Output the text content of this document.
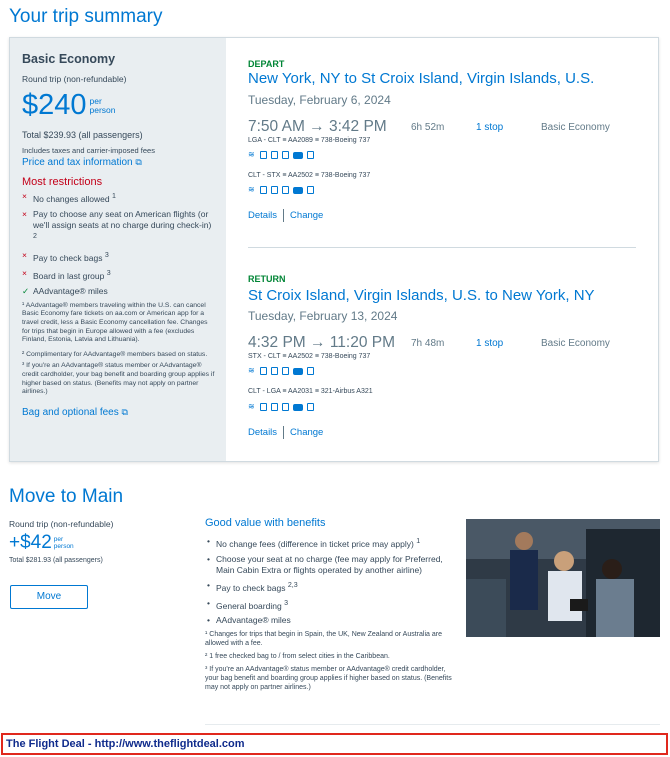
Your trip summary
Basic Economy
Round trip (non-refundable)
$240 per
person
Total $239.93 (all passengers)
Includes taxes and carrier-imposed fees
Price and tax information ⧉
Most restrictions
× No changes allowed $^1$
× Pay to choose any seat on American flights (or we'll assign seats at no charge during check-in) $^2$
× Pay to check bags $^3$
× Board in last group $^3$
✓ AAdvantage® miles
¹ AAdvantage® members traveling within the U.S. can cancel Basic Economy fare tickets on aa.com or American app for a travel credit, less a Basic Economy cancellation fee. Changes for trips that begin in Europe allowed with a fee (excludes Finland, Estonia, Latvia and Lithuania).
² Complimentary for AAdvantage® members based on status.
³ If you're an AAdvantage® status member or AAdvantage® credit cardholder, your bag benefit and boarding group applies if higher based on status. (Benefits may not apply on partner airlines.)
Bag and optional fees ⧉
DEPART
New York, NY to St Croix Island, Virgin Islands, U.S.
Tuesday, February 6, 2024
7:50 AM → 3:42 PM 6h 52m	1 stop	Basic Economy
LGA - CLT ≡ AA2089 ≡ 738-Boeing 737
≋
CLT - STX ≡ AA2502 ≡ 738-Boeing 737
≋
Details Change
RETURN
St Croix Island, Virgin Islands, U.S. to New York, NY
Tuesday, February 13, 2024
4:32 PM → 11:20 PM 7h 48m	1 stop	Basic Economy
STX - CLT ≡ AA2502 ≡ 738-Boeing 737
≋
CLT - LGA ≡ AA2031 ≡ 321-Airbus A321
≋
Details Change
Move to Main
Round trip (non-refundable)
+$42 per
person
Total $281.93 (all passengers)
Move
Good value with benefits
• No change fees (difference in ticket price may apply) $^1$
• Choose your seat at no charge (fee may apply for Preferred, Main Cabin Extra or flights operated by another airline)
• Pay to check bags $^{2,3}$
• General boarding $^3$
• AAdvantage® miles
¹ Changes for trips that begin in Spain, the UK, New Zealand or Australia are allowed with a fee.
² 1 free checked bag to / from select cities in the Caribbean.
³ If you're an AAdvantage® status member or AAdvantage® credit cardholder, your bag benefit and boarding group applies if higher based on status. (Benefits may not apply on partner airlines.)
The Flight Deal - http://www.theflightdeal.com
